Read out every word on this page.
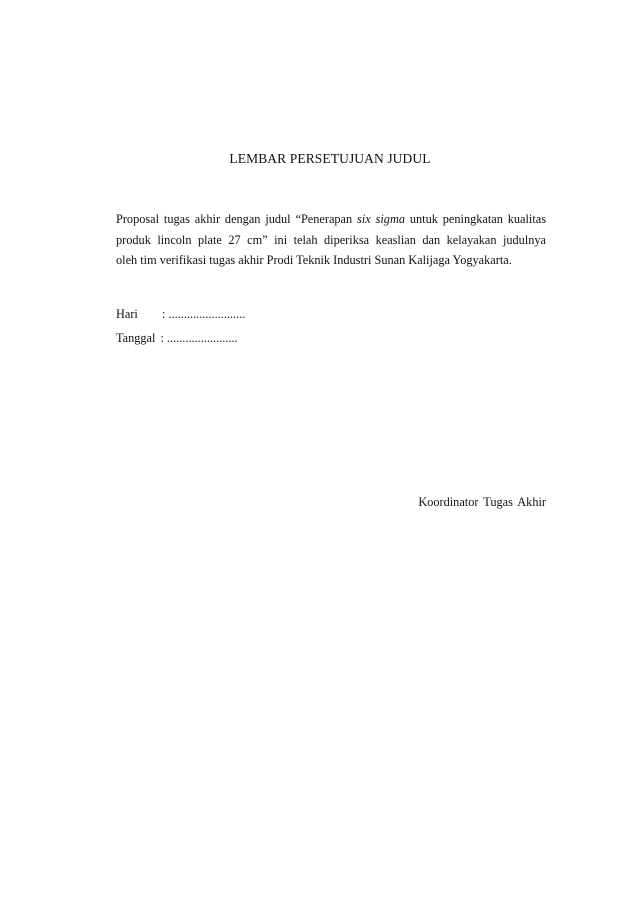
LEMBAR PERSETUJUAN JUDUL
Proposal tugas akhir dengan judul “Penerapan six sigma untuk peningkatan kualitas
produk lincoln plate 27 cm” ini telah diperiksa keaslian dan kelayakan judulnya
oleh tim verifikasi tugas akhir Prodi Teknik Industri Sunan Kalijaga Yogyakarta.
Hari : .........................
Tanggal : .......................
Koordinator Tugas Akhir
